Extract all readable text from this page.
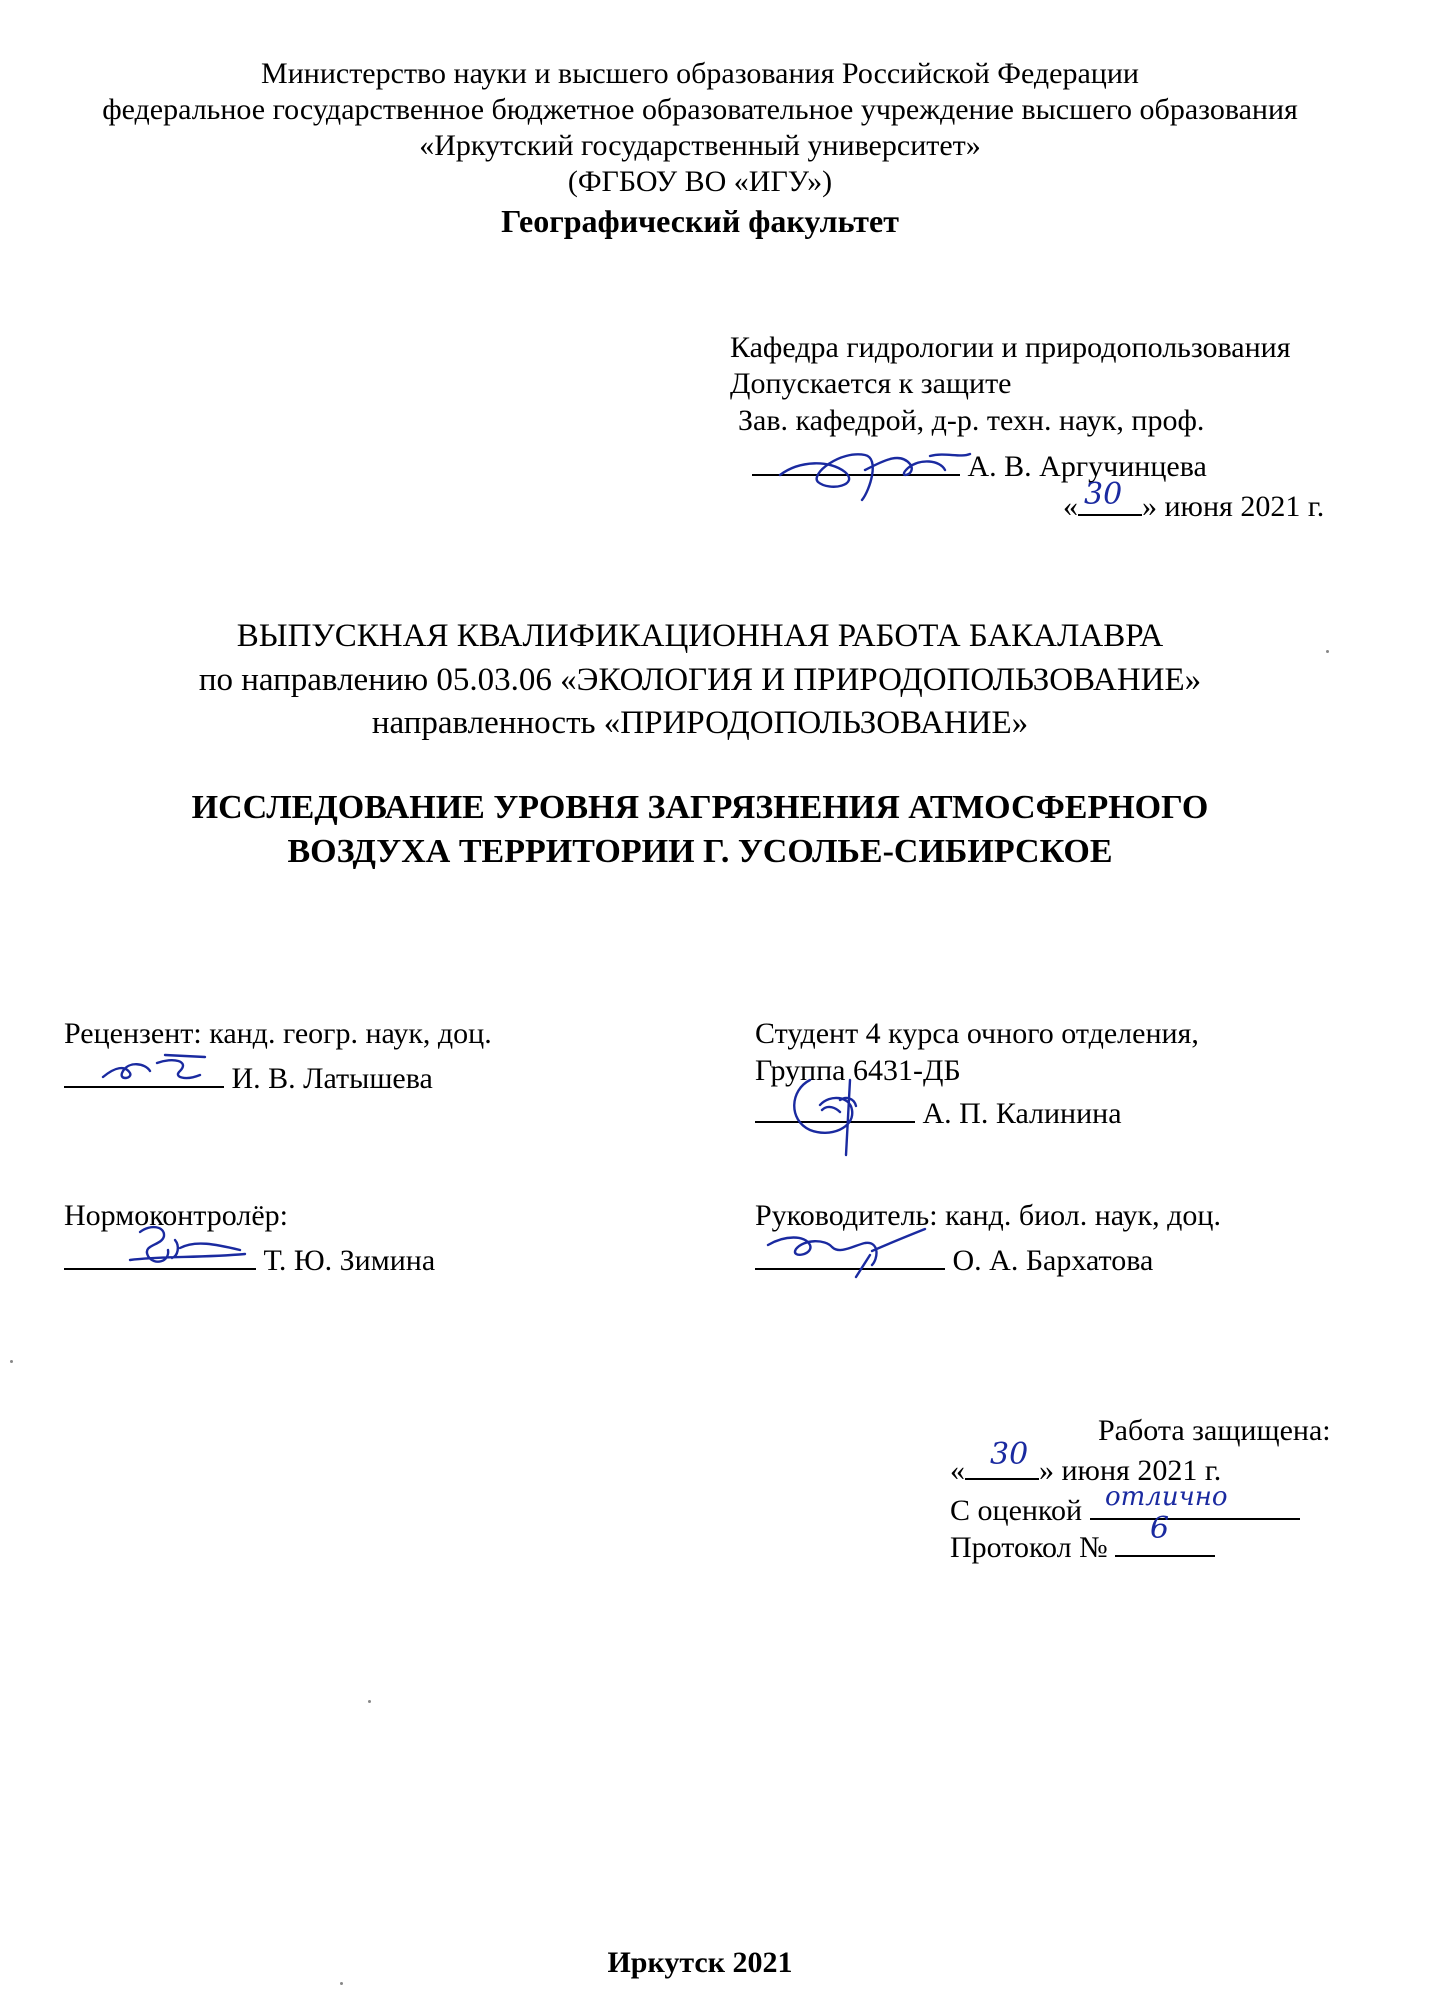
Министерство науки и высшего образования Российской Федерации
федеральное государственное бюджетное образовательное учреждение высшего образования
«Иркутский государственный университет»
(ФГБОУ ВО «ИГУ»)
Географический факультет
Кафедра гидрологии и природопользования
Допускается к защите
Зав. кафедрой, д-р. техн. наук, проф.
А. В. Аргучинцева
« » июня 2021 г.
30
ВЫПУСКНАЯ КВАЛИФИКАЦИОННАЯ РАБОТА БАКАЛАВРА
по направлению 05.03.06 «ЭКОЛОГИЯ И ПРИРОДОПОЛЬЗОВАНИЕ»
направленность «ПРИРОДОПОЛЬЗОВАНИЕ»
ИССЛЕДОВАНИЕ УРОВНЯ ЗАГРЯЗНЕНИЯ АТМОСФЕРНОГО
ВОЗДУХА ТЕРРИТОРИИ Г. УСОЛЬЕ-СИБИРСКОЕ
Рецензент: канд. геогр. наук, доц.
И. В. Латышева
Студент 4 курса очного отделения,
Группа 6431-ДБ
А. П. Калинина
Нормоконтролёр:
Т. Ю. Зимина
Руководитель: канд. биол. наук, доц.
О. А. Бархатова
Работа защищена:
« » июня 2021 г.
30
С оценкой отлично
Протокол №
6
Иркутск 2021
